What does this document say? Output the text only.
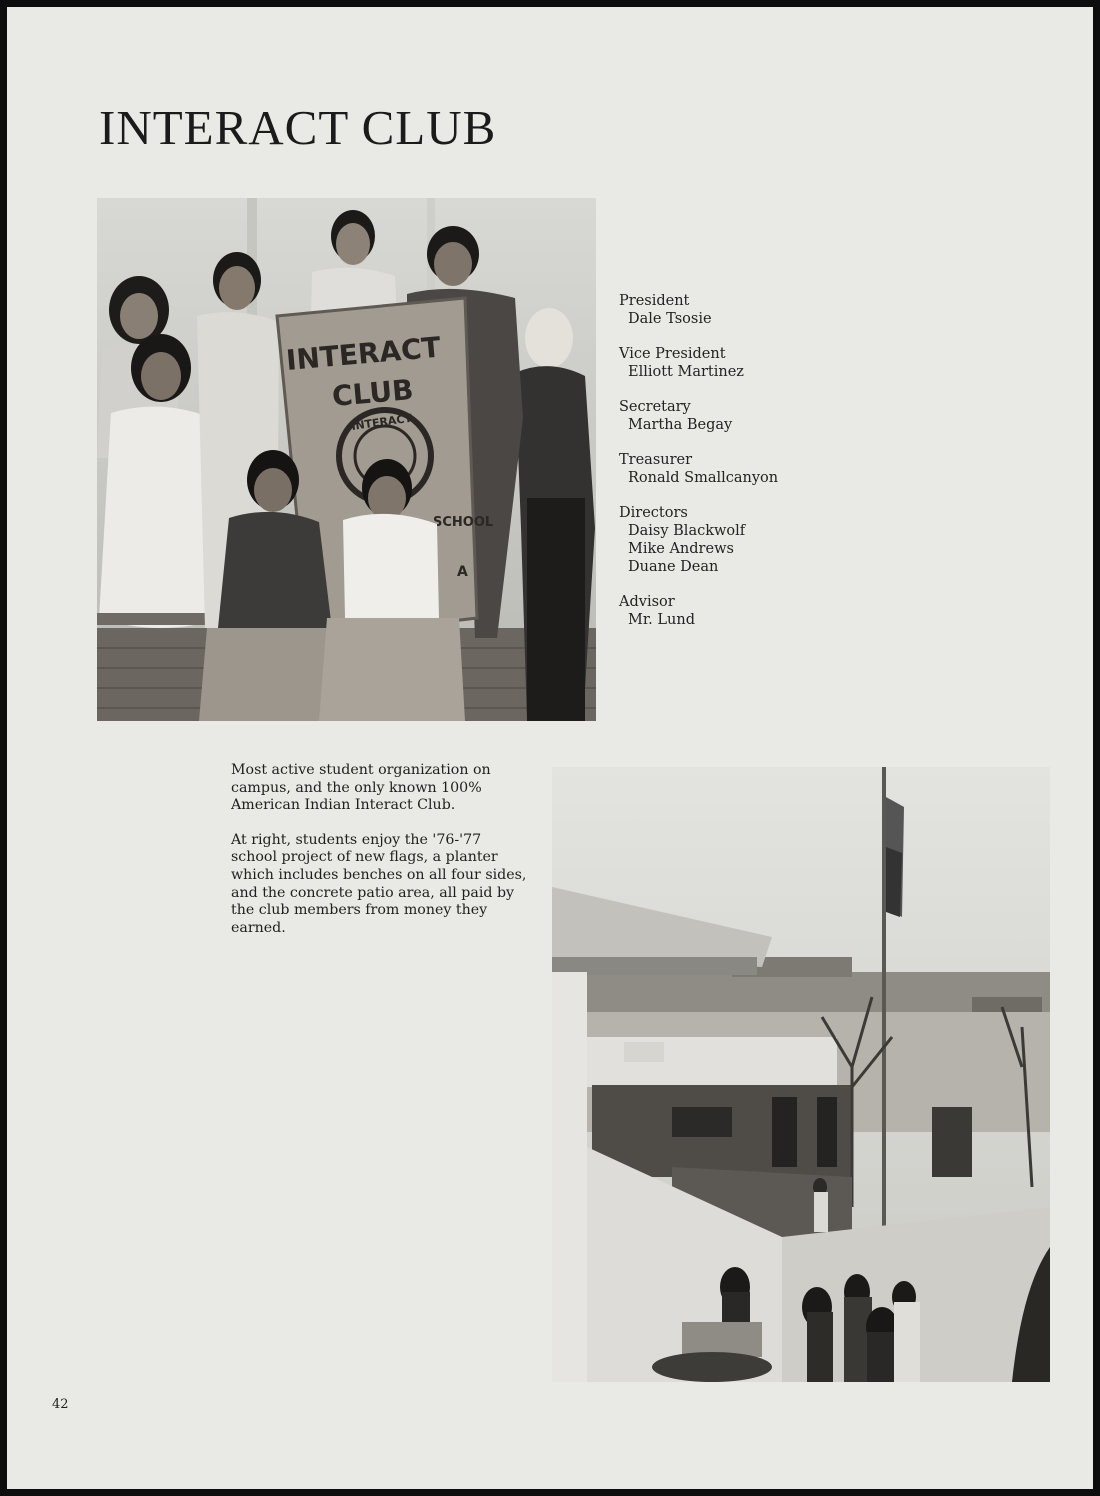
INTERACT CLUB
INTERACT
CLUB
INTERACT
SCHOOL
A
President
Dale Tsosie
Vice President
Elliott Martinez
Secretary
Martha Begay
Treasurer
Ronald Smallcanyon
Directors
Daisy Blackwolf
Mike Andrews
Duane Dean
Advisor
Mr. Lund

Most active student organization on campus, and the only known 100% American Indian Interact Club.

At right, students enjoy the '76-'77 school project of new flags, a planter which includes benches on all four sides, and the concrete patio area, all paid by the club members from money they earned.

42
